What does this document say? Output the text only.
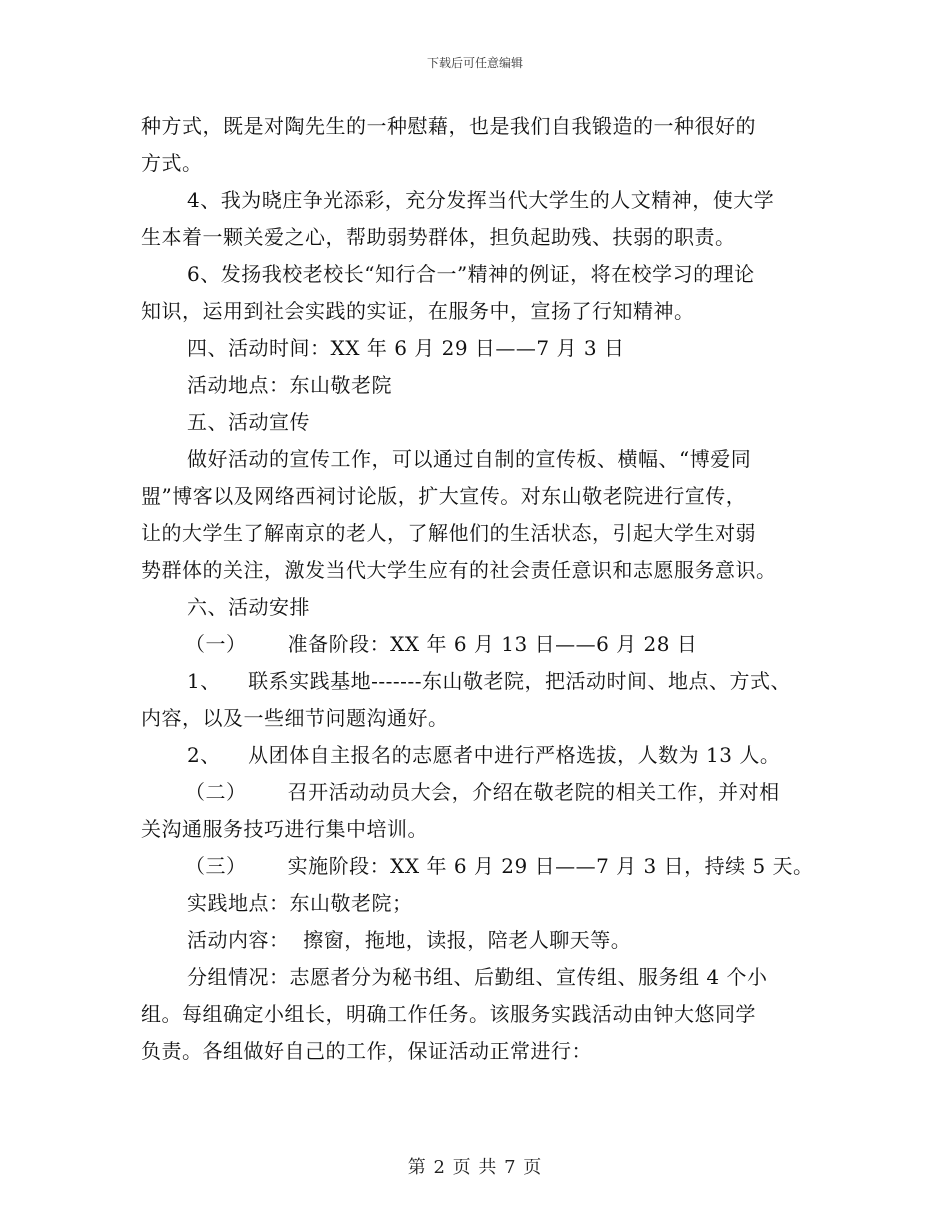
下载后可任意编辑
种方式，既是对陶先生的一种慰藉，也是我们自我锻造的一种很好的
方式。
4、我为晓庄争光添彩，充分发挥当代大学生的人文精神，使大学
生本着一颗关爱之心，帮助弱势群体，担负起助残、扶弱的职责。
6、发扬我校老校长“知行合一”精神的例证，将在校学习的理论
知识，运用到社会实践的实证，在服务中，宣扬了行知精神。
四、活动时间：XX 年 6 月 29 日——7 月 3 日
活动地点：东山敬老院
五、活动宣传
做好活动的宣传工作，可以通过自制的宣传板、横幅、“博爱同
盟”博客以及网络西祠讨论版，扩大宣传。对东山敬老院进行宣传，
让的大学生了解南京的老人，了解他们的生活状态，引起大学生对弱
势群体的关注，激发当代大学生应有的社会责任意识和志愿服务意识。
六、活动安排
（一）      准备阶段：XX 年 6 月 13 日——6 月 28 日
1、    联系实践基地-------东山敬老院，把活动时间、地点、方式、
内容，以及一些细节问题沟通好。
2、    从团体自主报名的志愿者中进行严格选拔，人数为 13 人。
（二）      召开活动动员大会，介绍在敬老院的相关工作，并对相
关沟通服务技巧进行集中培训。
（三）      实施阶段：XX 年 6 月 29 日——7 月 3 日，持续 5 天。
实践地点：东山敬老院；
活动内容：  擦窗，拖地，读报，陪老人聊天等。
分组情况：志愿者分为秘书组、后勤组、宣传组、服务组 4 个小
组。每组确定小组长，明确工作任务。该服务实践活动由钟大悠同学
负责。各组做好自己的工作，保证活动正常进行：
第 2 页 共 7 页
